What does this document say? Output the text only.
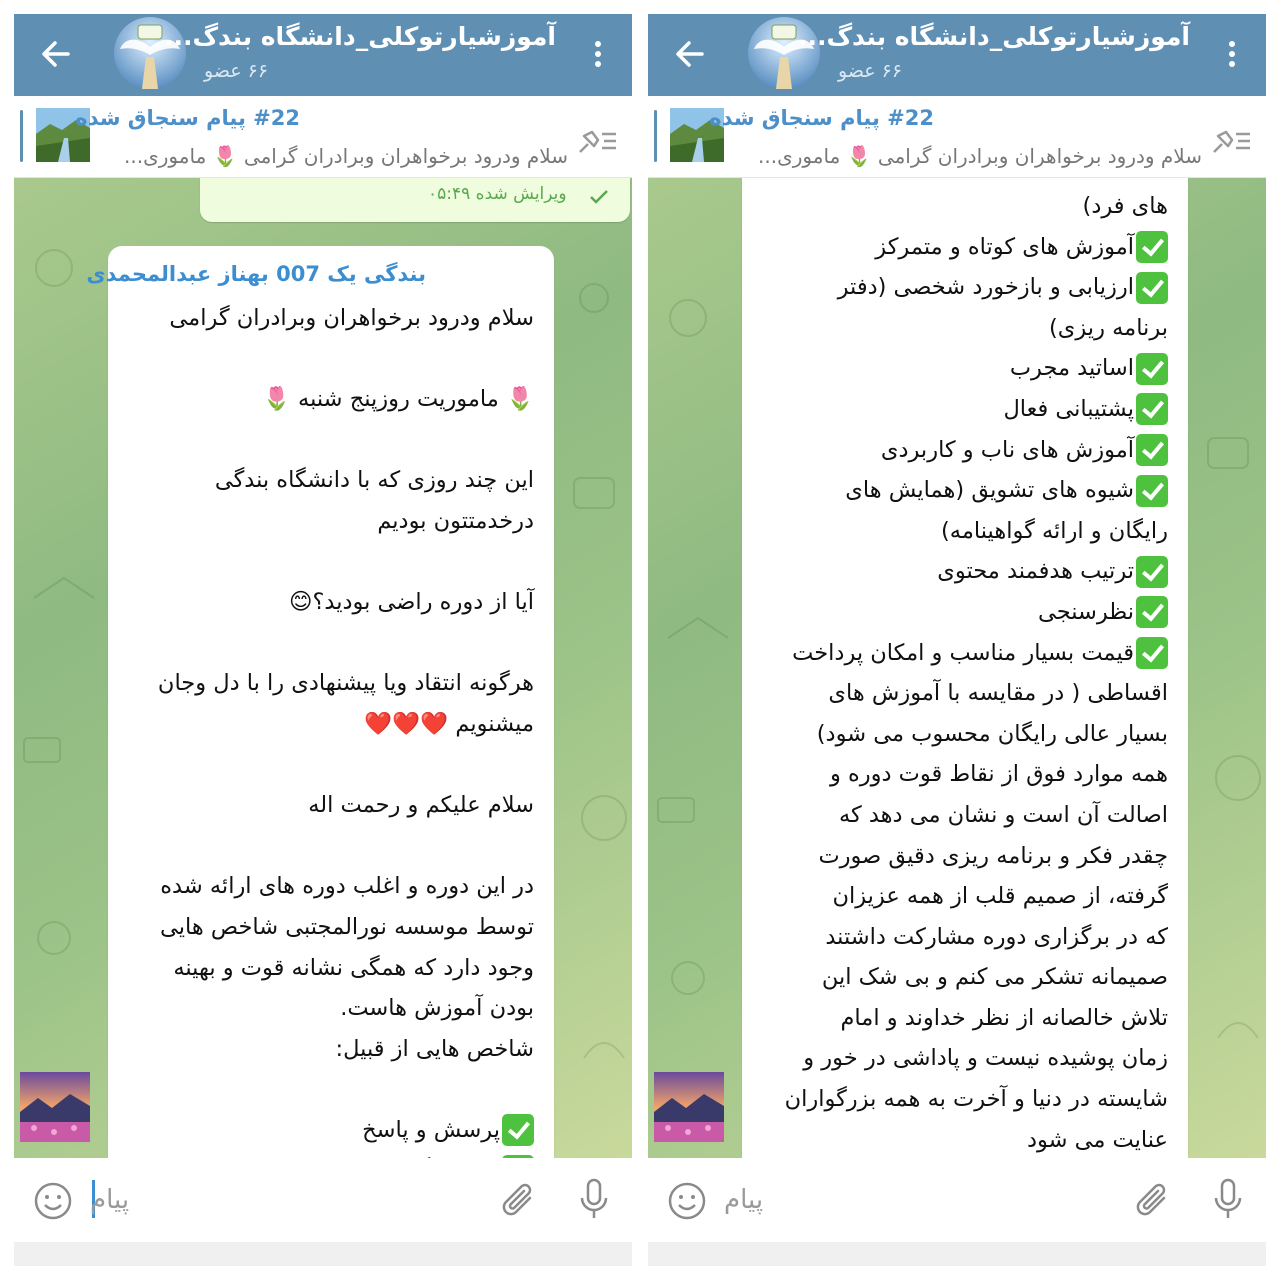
آموزشیارتوکلی_دانشگاه بندگ...
۶۶ عضو
#22 پیام سنجاق شده
سلام ودرود برخواهران وبرادران گرامی 🌷 ماموری...
ویرایش شده ۰۵:۴۹
بندگی یک 007 بهناز عبدالمحمدی
سلام ودرود برخواهران وبرادران گرامی
🌷 ماموریت روزپنج شنبه 🌷
این چند روزی که با دانشگاه بندگی
درخدمتتون بودیم
آیا از دوره راضی بودید؟😊
هرگونه انتقاد ویا پیشنهادی را با دل وجان
میشنویم ❤️❤️❤️
سلام علیکم و رحمت اله
در این دوره و اغلب دوره های ارائه شده
توسط موسسه نورالمجتبی شاخص هایی
وجود دارد که همگی نشانه قوت و بهینه
بودن آموزش هاست.
شاخص هایی از قبیل:
پرسش و پاسخ
پیام
آموزشیارتوکلی_دانشگاه بندگ...
۶۶ عضو
#22 پیام سنجاق شده
سلام ودرود برخواهران وبرادران گرامی 🌷 ماموری...
های فرد)
آموزش های کوتاه و متمرکز
ارزیابی و بازخورد شخصی (دفتر
برنامه ریزی)
اساتید مجرب
پشتیبانی فعال
آموزش های ناب و کاربردی
شیوه های تشویق (همایش های
رایگان و ارائه گواهینامه)
ترتیب هدفمند محتوی
نظرسنجی
قیمت بسیار مناسب و امکان پرداخت
اقساطی ( در مقایسه با آموزش های
بسیار عالی رایگان محسوب می شود)
همه موارد فوق از نقاط قوت دوره و
اصالت آن است و نشان می دهد که
چقدر فکر و برنامه ریزی دقیق صورت
گرفته، از صمیم قلب از همه عزیزان
که در برگزاری دوره مشارکت داشتند
صمیمانه تشکر می کنم و بی شک این
تلاش خالصانه از نظر خداوند و امام
زمان پوشیده نیست و پاداشی در خور و
شایسته در دنیا و آخرت به همه بزرگواران
عنایت می شود
پیام
